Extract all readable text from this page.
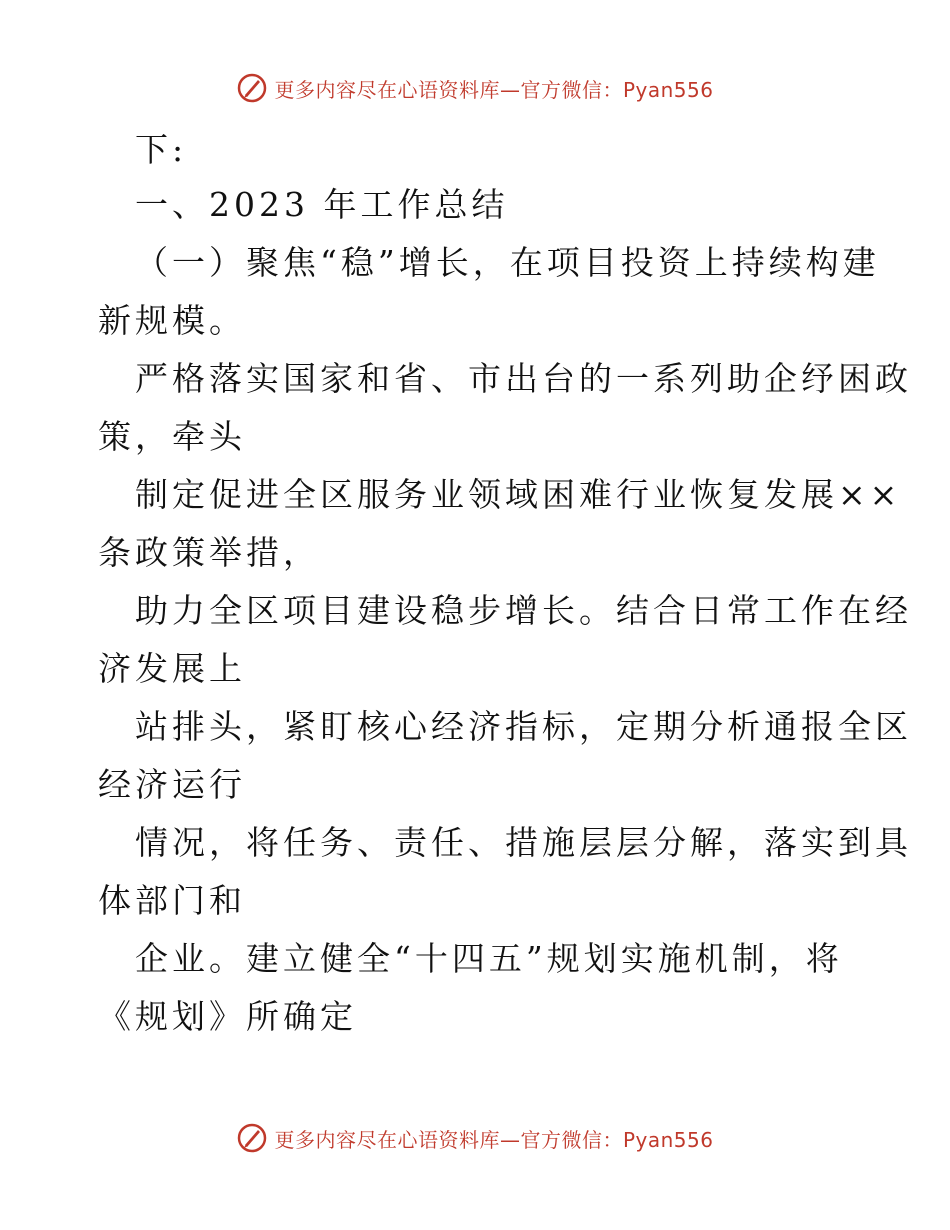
更多内容尽在心语资料库—官方微信：Pyan556
下:
一、2023 年工作总结
（一）聚焦“稳”增长，在项目投资上持续构建
新规模。
严格落实国家和省、市出台的一系列助企纾困政
策，牵头
制定促进全区服务业领域困难行业恢复发展××
条政策举措，
助力全区项目建设稳步增长。结合日常工作在经
济发展上
站排头，紧盯核心经济指标，定期分析通报全区
经济运行
情况，将任务、责任、措施层层分解，落实到具
体部门和
企业。建立健全“十四五”规划实施机制，将
《规划》所确定
更多内容尽在心语资料库—官方微信：Pyan556
